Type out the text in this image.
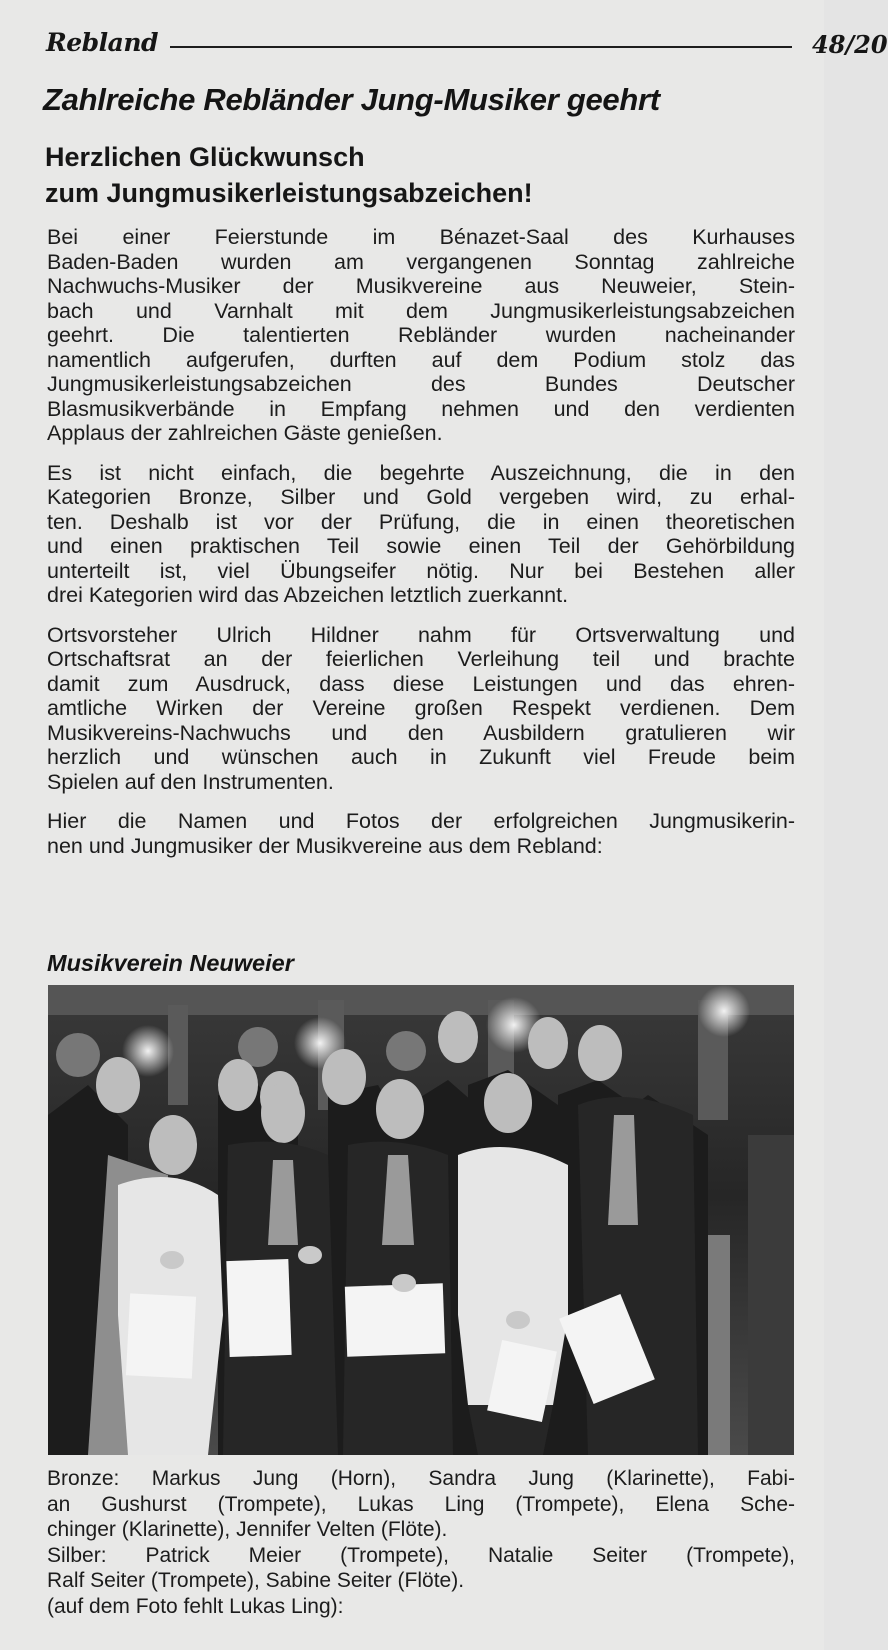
Rebland	48/20
Zahlreiche Rebländer Jung-Musiker geehrt
Herzlichen Glückwunsch
zum Jungmusikerleistungsabzeichen!
Bei einer Feierstunde im Bénazet-Saal des Kurhauses
Baden-Baden wurden am vergangenen Sonntag zahlreiche
Nachwuchs-Musiker der Musikvereine aus Neuweier, Stein-
bach und Varnhalt mit dem Jungmusikerleistungsabzeichen
geehrt. Die talentierten Rebländer wurden nacheinander
namentlich aufgerufen, durften auf dem Podium stolz das
Jungmusikerleistungsabzeichen des Bundes Deutscher
Blasmusikverbände in Empfang nehmen und den verdienten
Applaus der zahlreichen Gäste genießen.
Es ist nicht einfach, die begehrte Auszeichnung, die in den
Kategorien Bronze, Silber und Gold vergeben wird, zu erhal-
ten. Deshalb ist vor der Prüfung, die in einen theoretischen
und einen praktischen Teil sowie einen Teil der Gehörbildung
unterteilt ist, viel Übungseifer nötig. Nur bei Bestehen aller
drei Kategorien wird das Abzeichen letztlich zuerkannt.
Ortsvorsteher Ulrich Hildner nahm für Ortsverwaltung und
Ortschaftsrat an der feierlichen Verleihung teil und brachte
damit zum Ausdruck, dass diese Leistungen und das ehren-
amtliche Wirken der Vereine großen Respekt verdienen. Dem
Musikvereins-Nachwuchs und den Ausbildern gratulieren wir
herzlich und wünschen auch in Zukunft viel Freude beim
Spielen auf den Instrumenten.
Hier die Namen und Fotos der erfolgreichen Jungmusikerin-
nen und Jungmusiker der Musikvereine aus dem Rebland:
Musikverein Neuweier
Bronze: Markus Jung (Horn), Sandra Jung (Klarinette), Fabi-
an Gushurst (Trompete), Lukas Ling (Trompete), Elena Sche-
chinger (Klarinette), Jennifer Velten (Flöte).
Silber: Patrick Meier (Trompete), Natalie Seiter (Trompete),
Ralf Seiter (Trompete), Sabine Seiter (Flöte).
(auf dem Foto fehlt Lukas Ling):
